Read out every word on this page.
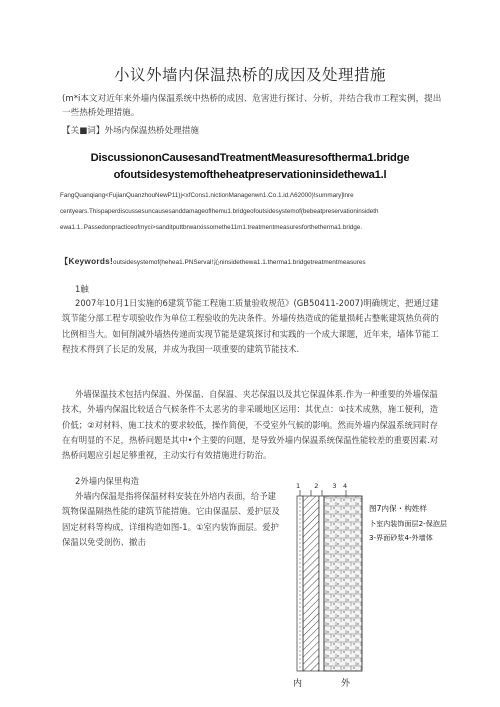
小议外墙内保温热桥的成因及处理措施
(m*i本文对近年来外墙内保温系统中热桥的成因、危害进行探讨、分析，并结合我市工程实例，提出一些热桥处理措施。
【关■词】外场内保温热桥处理措施
DiscussiononCausesandTreatmentMeasuresoftherma1.bridge
ofoutsidesystemoftheheatpreservationinsidethewa1.l
FangQuanqiang<FujianQuanzhouNewP11)j<xfCons1.nictionManagenwn1.Co.1.id.Λ62000)!summary]lnre
centyears.Thispaperdiscussesuncausesanddamageoflhemu1.bridgeofoutsidesystemof(bebeatpreservationinsideth
ewa1.1..Passedonpracticeofmyci>sanditputtbrwarxissomethe11m1.treatmentmeasuresforthethermа1.bridge.
【Keywords!outsidesystemof(hehea1.PNServal!沁ninsidethewa1.1.therma1.bridgetreatmentmeasures
1触
2007年10月1日实施的6建筑节能工程施工质量验收规范》(GB50411-2007)明确规定，把通过建筑节能分部工程专项验收作为单位工程验收的先决条件。外墙传热造成的能量损耗占整帐建筑热负荷的比例相当大。如何削减外墙热传递而实现节能是建筑探讨和实践的一个成大课题，近年来，墙体节能工程技术得到了长足的发展，并成为我国一项重要的建筑节能技术.
外墙保温技术包括内保温、外保温、自保温、夹芯保温以及其它保温体系.作为一种重要的外墙保温技术，外墙内保温比较适合气候条件不太恶劣的非采暖地区运用：其优点：①技术成熟，施工便利，造价低；②对材料、施工技术的要求较低，操作简便，不受室外气候的影响。然而外墙内保温系统同时存在有明显的不足，热桥问题是其中•个主要的问题，是导致外墙内保温系统保温性能较差的重要因素.对热桥问题应引起足够重视，主动实行有效措施进行防治。
2外墙内保里构造
外墙内保温是指将保温材料安装在外培内表面，给予建筑物保温隔热性能的建筑节能措施。它由保温层、爰护层及固定材料等构成，详细构造如图-1。①室内装饰面层。爱护保温以免受剖伤、撤击
1 2 3 4
图7内保・构姓样
卜室内装饰面层2-保泡层
3-界面砂浆4-外墙体
内	外
